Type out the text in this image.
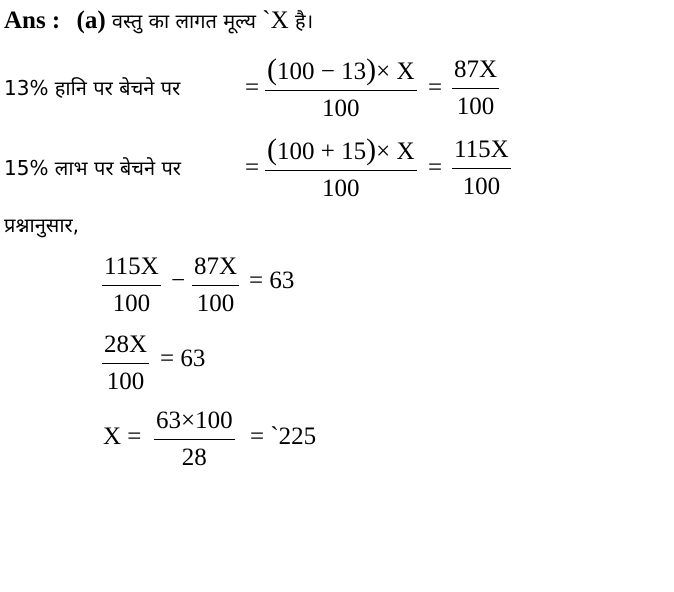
Ans : (a) वस्तु का लागत मूल्य `X है।
13% हानि पर बेचने पर	= $\frac{(100 - 13)\times X}{100} = \frac{87X}{100}$
15% लाभ पर बेचने पर	= $\frac{(100 + 15)\times X}{100} = \frac{115X}{100}$
प्रश्नानुसार,
$\frac{115X}{100} - \frac{87X}{100} = 63$
$\frac{28X}{100} = 63$
$X = \frac{63\times 100}{28}$ = `225
